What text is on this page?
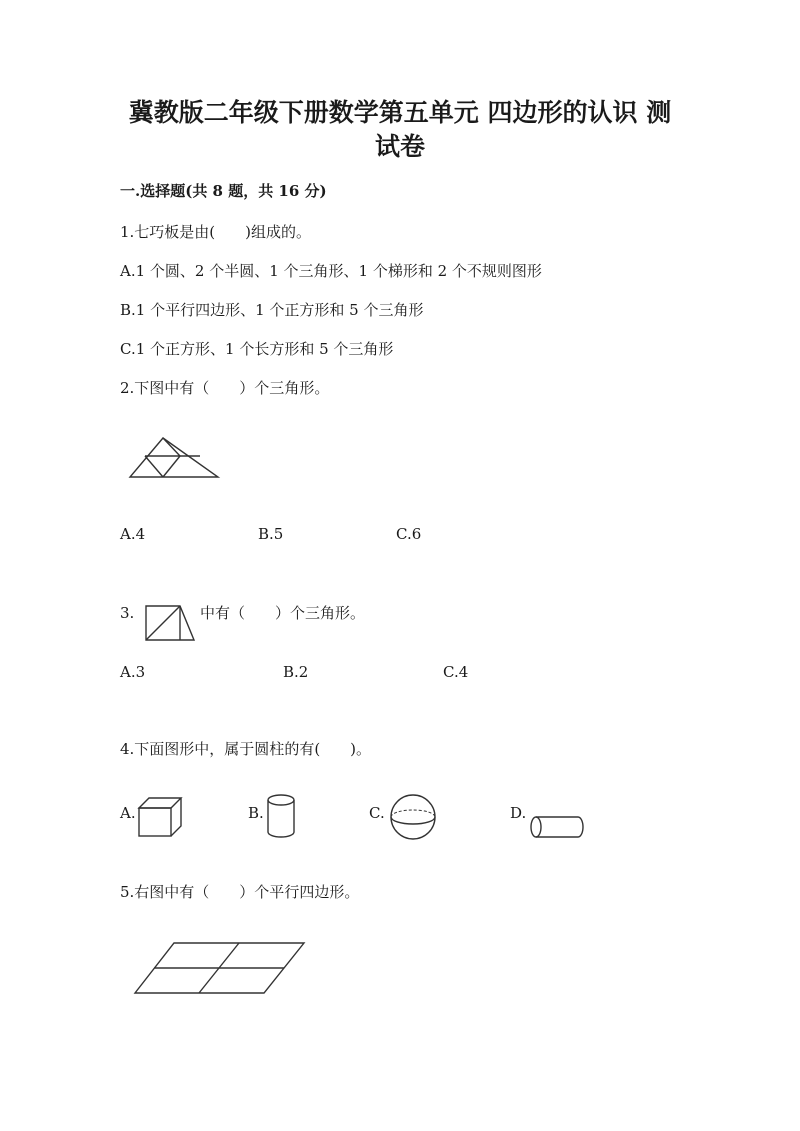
冀教版二年级下册数学第五单元 四边形的认识 测
试卷
一.选择题(共 8 题，共 16 分)
1.七巧板是由(　　)组成的。
A.1 个圆、2 个半圆、1 个三角形、1 个梯形和 2 个不规则图形
B.1 个平行四边形、1 个正方形和 5 个三角形
C.1 个正方形、1 个长方形和 5 个三角形
2.下图中有（　　）个三角形。
A.4	B.5	C.6
3.	中有（　　）个三角形。
A.3	B.2	C.4
4.下面图形中，属于圆柱的有(　　)。
A.	B.	C.	D.
5.右图中有（　　）个平行四边形。
